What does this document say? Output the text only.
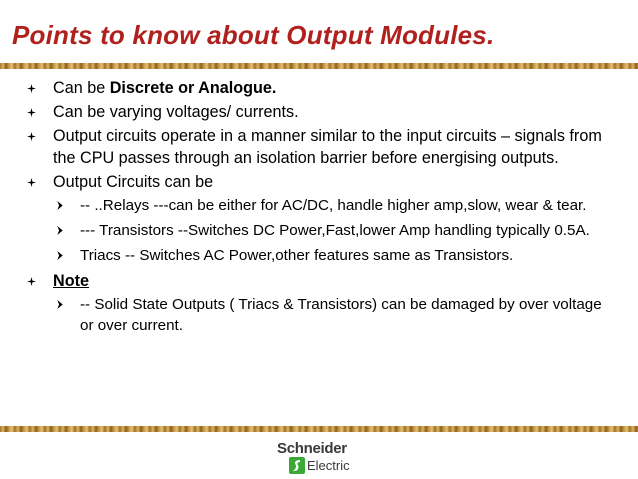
Points to know about Output Modules.
Can be Discrete or Analogue.
Can be varying voltages/ currents.
Output circuits operate in a manner similar to the input circuits – signals from the CPU passes through an isolation barrier before energising outputs.
Output Circuits can be
-- ..Relays ---can be either for AC/DC, handle higher amp,slow, wear & tear.
--- Transistors --Switches DC Power,Fast,lower Amp handling typically 0.5A.
Triacs -- Switches AC Power,other features same as Transistors.
Note
-- Solid State Outputs ( Triacs & Transistors) can be damaged by over voltage or over current.
Schneider
Electric
